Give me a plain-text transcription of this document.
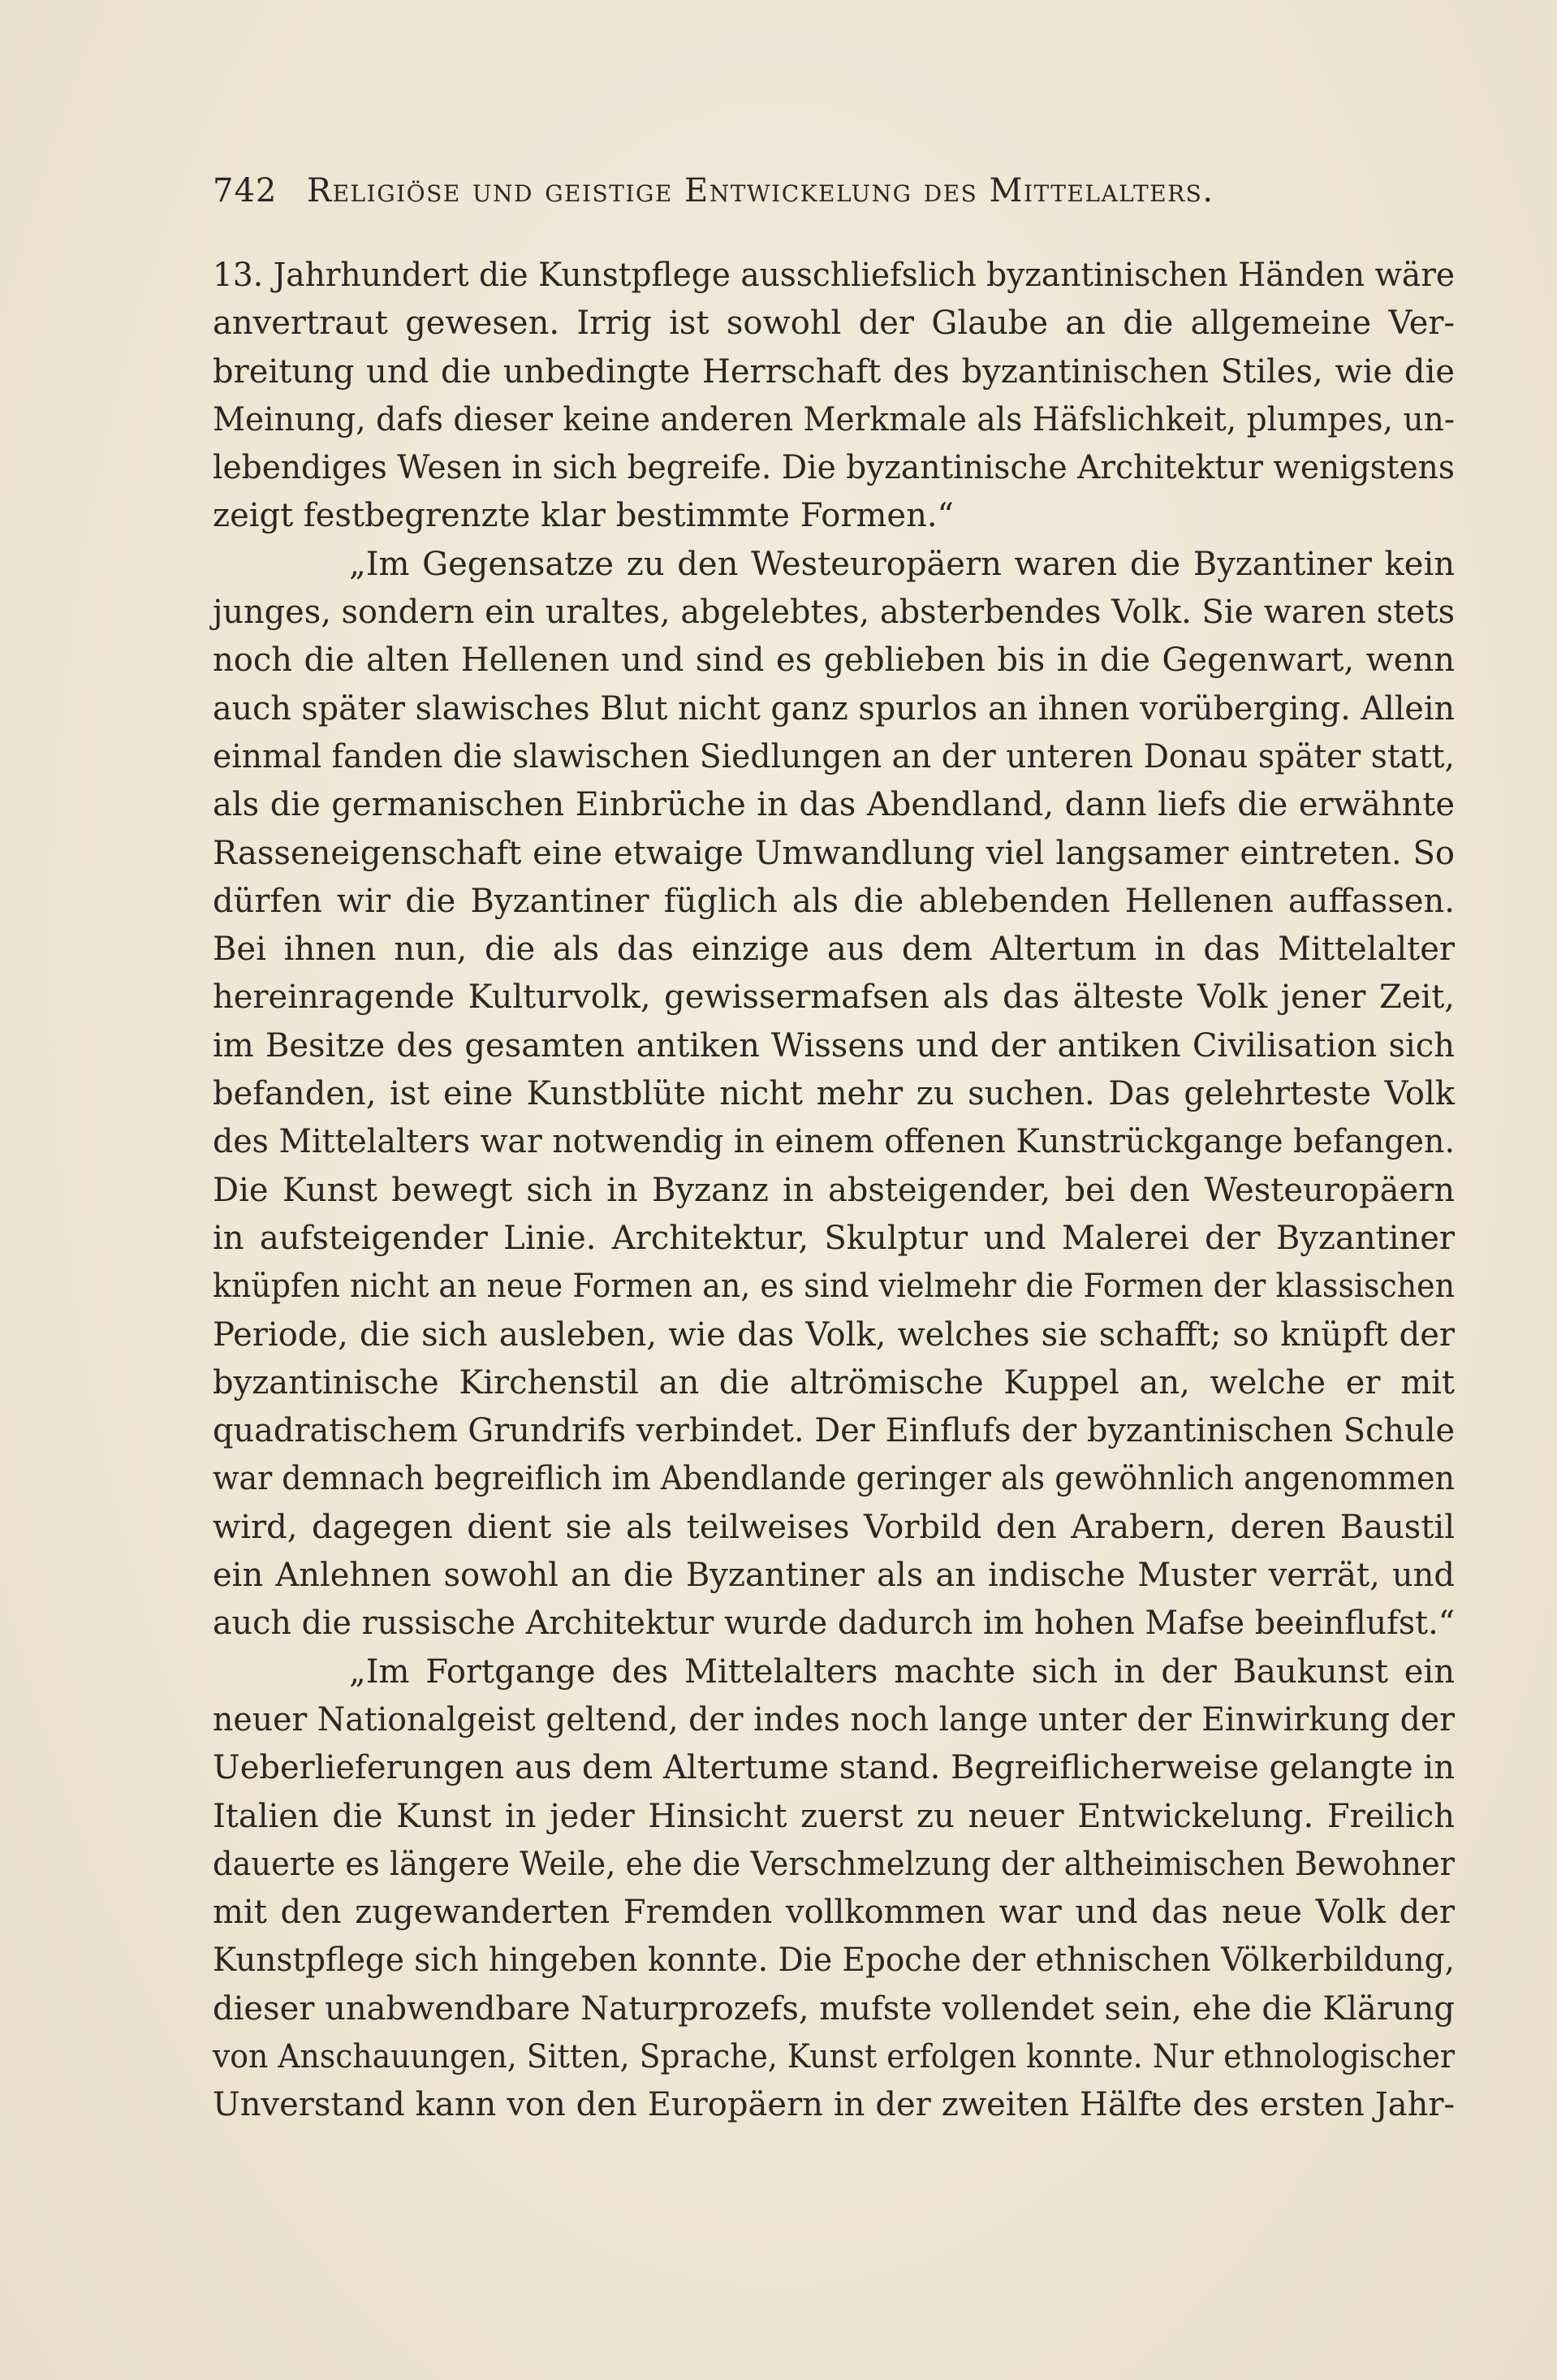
742 Religiöse und geistige Entwickelung des Mittelalters.
13. Jahrhundert die Kunstpflege ausschliefslich byzantinischen Händen wäre
anvertraut gewesen. Irrig ist sowohl der Glaube an die allgemeine Ver-
breitung und die unbedingte Herrschaft des byzantinischen Stiles, wie die
Meinung, dafs dieser keine anderen Merkmale als Häfslichkeit, plumpes, un-
lebendiges Wesen in sich begreife. Die byzantinische Architektur wenigstens
zeigt festbegrenzte klar bestimmte Formen.“
„Im Gegensatze zu den Westeuropäern waren die Byzantiner kein
junges, sondern ein uraltes, abgelebtes, absterbendes Volk. Sie waren stets
noch die alten Hellenen und sind es geblieben bis in die Gegenwart, wenn
auch später slawisches Blut nicht ganz spurlos an ihnen vorüberging. Allein
einmal fanden die slawischen Siedlungen an der unteren Donau später statt,
als die germanischen Einbrüche in das Abendland, dann liefs die erwähnte
Rasseneigenschaft eine etwaige Umwandlung viel langsamer eintreten. So
dürfen wir die Byzantiner füglich als die ablebenden Hellenen auffassen.
Bei ihnen nun, die als das einzige aus dem Altertum in das Mittelalter
hereinragende Kulturvolk, gewissermafsen als das älteste Volk jener Zeit,
im Besitze des gesamten antiken Wissens und der antiken Civilisation sich
befanden, ist eine Kunstblüte nicht mehr zu suchen. Das gelehrteste Volk
des Mittelalters war notwendig in einem offenen Kunstrückgange befangen.
Die Kunst bewegt sich in Byzanz in absteigender, bei den Westeuropäern
in aufsteigender Linie. Architektur, Skulptur und Malerei der Byzantiner
knüpfen nicht an neue Formen an, es sind vielmehr die Formen der klassischen
Periode, die sich ausleben, wie das Volk, welches sie schafft; so knüpft der
byzantinische Kirchenstil an die altrömische Kuppel an, welche er mit
quadratischem Grundrifs verbindet. Der Einflufs der byzantinischen Schule
war demnach begreiflich im Abendlande geringer als gewöhnlich angenommen
wird, dagegen dient sie als teilweises Vorbild den Arabern, deren Baustil
ein Anlehnen sowohl an die Byzantiner als an indische Muster verrät, und
auch die russische Architektur wurde dadurch im hohen Mafse beeinflufst.“
„Im Fortgange des Mittelalters machte sich in der Baukunst ein
neuer Nationalgeist geltend, der indes noch lange unter der Einwirkung der
Ueberlieferungen aus dem Altertume stand. Begreiflicherweise gelangte in
Italien die Kunst in jeder Hinsicht zuerst zu neuer Entwickelung. Freilich
dauerte es längere Weile, ehe die Verschmelzung der altheimischen Bewohner
mit den zugewanderten Fremden vollkommen war und das neue Volk der
Kunstpflege sich hingeben konnte. Die Epoche der ethnischen Völkerbildung,
dieser unabwendbare Naturprozefs, mufste vollendet sein, ehe die Klärung
von Anschauungen, Sitten, Sprache, Kunst erfolgen konnte. Nur ethnologischer
Unverstand kann von den Europäern in der zweiten Hälfte des ersten Jahr-
